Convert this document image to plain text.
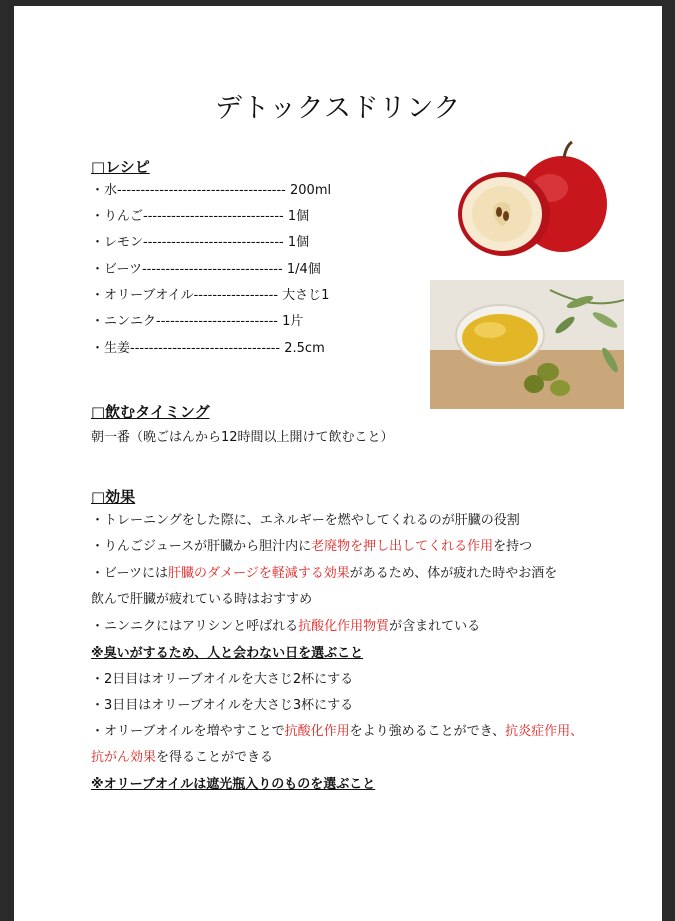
デトックスドリンク
□レシピ
・水------------------------------------ 200ml
・りんご------------------------------ 1個
・レモン------------------------------ 1個
・ビーツ------------------------------ 1/4個
・オリーブオイル------------------ 大さじ1
・ニンニク-------------------------- 1片
・生姜-------------------------------- 2.5cm
□飲むタイミング
朝一番（晩ごはんから12時間以上開けて飲むこと）
□効果
・トレーニングをした際に、エネルギーを燃やしてくれるのが肝臓の役割
・りんごジュースが肝臓から胆汁内に老廃物を押し出してくれる作用を持つ
・ビーツには肝臓のダメージを軽減する効果があるため、体が疲れた時やお酒を
飲んで肝臓が疲れている時はおすすめ
・ニンニクにはアリシンと呼ばれる抗酸化作用物質が含まれている
※臭いがするため、人と会わない日を選ぶこと
・2日目はオリーブオイルを大さじ2杯にする
・3日目はオリーブオイルを大さじ3杯にする
・オリーブオイルを増やすことで抗酸化作用をより強めることができ、抗炎症作用、
抗がん効果を得ることができる
※オリーブオイルは遮光瓶入りのものを選ぶこと
